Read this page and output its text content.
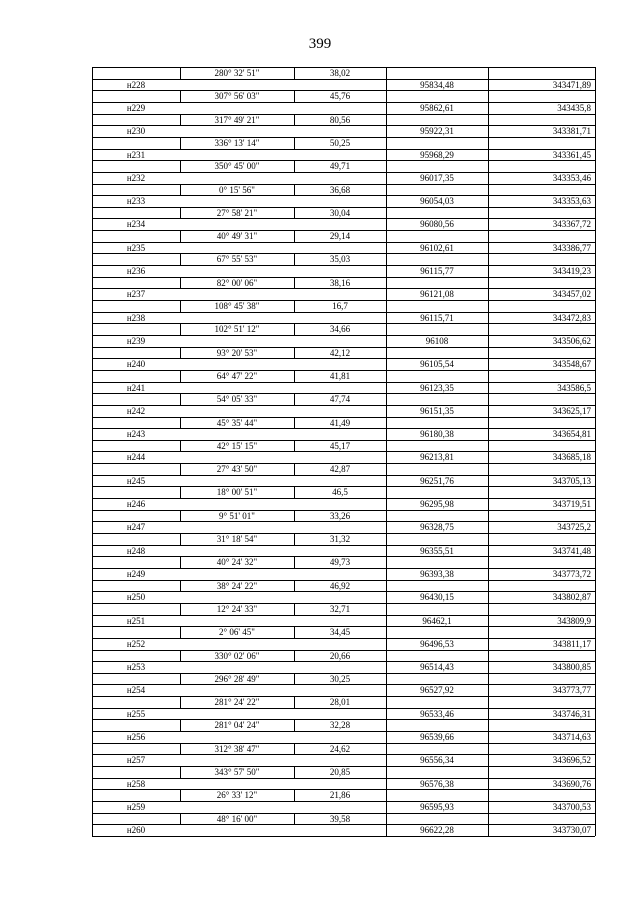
399
280° 32' 51"	38,02
н228	95834,48	343471,89
307° 56' 03"	45,76
н229	95862,61	343435,8
317° 49' 21"	80,56
н230	95922,31	343381,71
336° 13' 14"	50,25
н231	95968,29	343361,45
350° 45' 00"	49,71
н232	96017,35	343353,46
0° 15' 56"	36,68
н233	96054,03	343353,63
27° 58' 21"	30,04
н234	96080,56	343367,72
40° 49' 31"	29,14
н235	96102,61	343386,77
67° 55' 53"	35,03
н236	96115,77	343419,23
82° 00' 06"	38,16
н237	96121,08	343457,02
108° 45' 38"	16,7
н238	96115,71	343472,83
102° 51' 12"	34,66
н239	96108	343506,62
93° 20' 53"	42,12
н240	96105,54	343548,67
64° 47' 22"	41,81
н241	96123,35	343586,5
54° 05' 33"	47,74
н242	96151,35	343625,17
45° 35' 44"	41,49
н243	96180,38	343654,81
42° 15' 15"	45,17
н244	96213,81	343685,18
27° 43' 50"	42,87
н245	96251,76	343705,13
18° 00' 51"	46,5
н246	96295,98	343719,51
9° 51' 01"	33,26
н247	96328,75	343725,2
31° 18' 54"	31,32
н248	96355,51	343741,48
40° 24' 32"	49,73
н249	96393,38	343773,72
38° 24' 22"	46,92
н250	96430,15	343802,87
12° 24' 33"	32,71
н251	96462,1	343809,9
2° 06' 45"	34,45
н252	96496,53	343811,17
330° 02' 06"	20,66
н253	96514,43	343800,85
296° 28' 49"	30,25
н254	96527,92	343773,77
281° 24' 22"	28,01
н255	96533,46	343746,31
281° 04' 24"	32,28
н256	96539,66	343714,63
312° 38' 47"	24,62
н257	96556,34	343696,52
343° 57' 50"	20,85
н258	96576,38	343690,76
26° 33' 12"	21,86
н259	96595,93	343700,53
48° 16' 00"	39,58
н260	96622,28	343730,07
